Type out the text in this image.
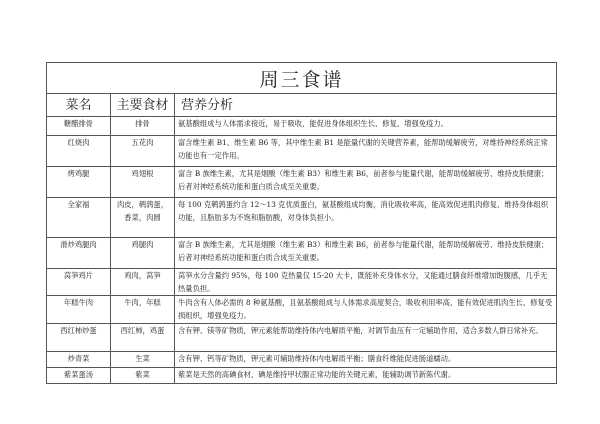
周三食谱		
菜名	主要食材	营养分析
糖醋排骨	排骨	氨基酸组成与人体需求接近，易于吸收，能促进身体组织生长、修复、增强免疫力。
红烧肉	五花肉	富含维生素 B1、维生素 B6 等，其中维生素 B1 是能量代谢的关键营养素，能帮助缓解疲劳，对维持神经系统正常功能也有一定作用。
烤鸡腿	鸡翅根	富含 B 族维生素，尤其是烟酸（维生素 B3）和维生素 B6，前者参与能量代谢，能帮助缓解疲劳、维持皮肤健康；后者对神经系统功能和蛋白质合成至关重要。
全家福	肉皮，鹌鹑蛋，香菜，肉圆	每 100 克鹌鹑蛋约含 12～13 克优质蛋白，氨基酸组成均衡，消化吸收率高，能高效促进肌肉修复、维持身体组织功能，且脂肪多为不饱和脂肪酸，对身体负担小。
滑炒鸡腿肉	鸡腿肉	富含 B 族维生素，尤其是烟酸（维生素 B3）和维生素 B6，前者参与能量代谢，能帮助缓解疲劳、维持皮肤健康；后者对神经系统功能和蛋白质合成至关重要。
莴笋鸡片	鸡肉，莴笋	莴笋水分含量约 95%，每 100 克热量仅 15-20 大卡，既能补充身体水分，又能通过膳食纤维增加饱腹感，几乎无热量负担。
年糕牛肉	牛肉，年糕	牛肉含有人体必需的 8 种氨基酸，且氨基酸组成与人体需求高度契合，吸收利用率高，能有效促进肌肉生长、修复受损组织，增强免疫力。
西红柿炒蛋	西红柿，鸡蛋	含有钾、镁等矿物质，钾元素能帮助维持体内电解质平衡，对调节血压有一定辅助作用，适合多数人群日常补充。
炒青菜	生菜	含有钾、钙等矿物质，钾元素可辅助维持体内电解质平衡；膳食纤维能促进肠道蠕动。
紫菜蛋汤	紫菜	紫菜是天然的高碘食材，碘是维持甲状腺正常功能的关键元素，能辅助调节新陈代谢。
